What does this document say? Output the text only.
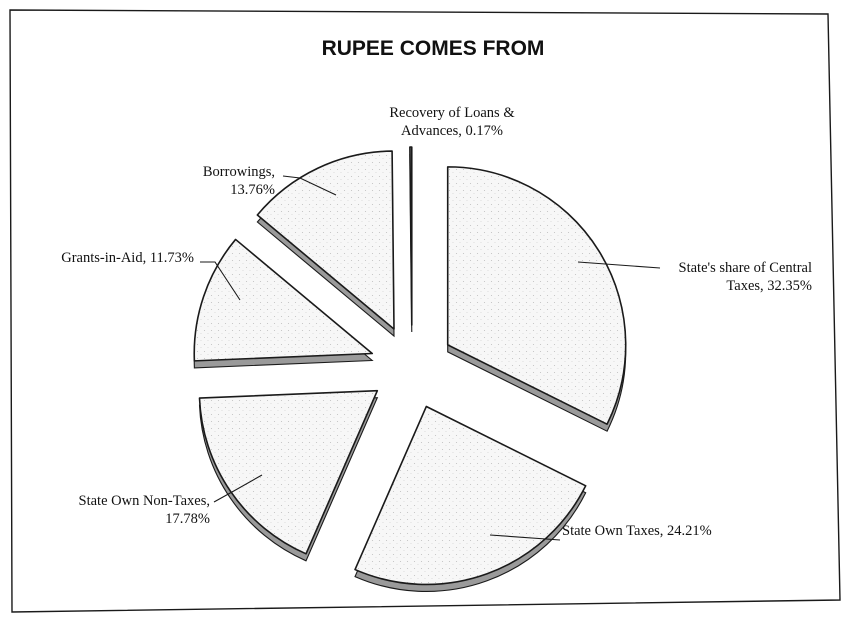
RUPEE COMES FROM
State's share of Central Taxes, 32.35%
State Own Taxes, 24.21%
State Own Non-Taxes, 17.78%
Grants-in-Aid, 11.73%
Borrowings, 13.76%
Recovery of Loans & Advances, 0.17%
